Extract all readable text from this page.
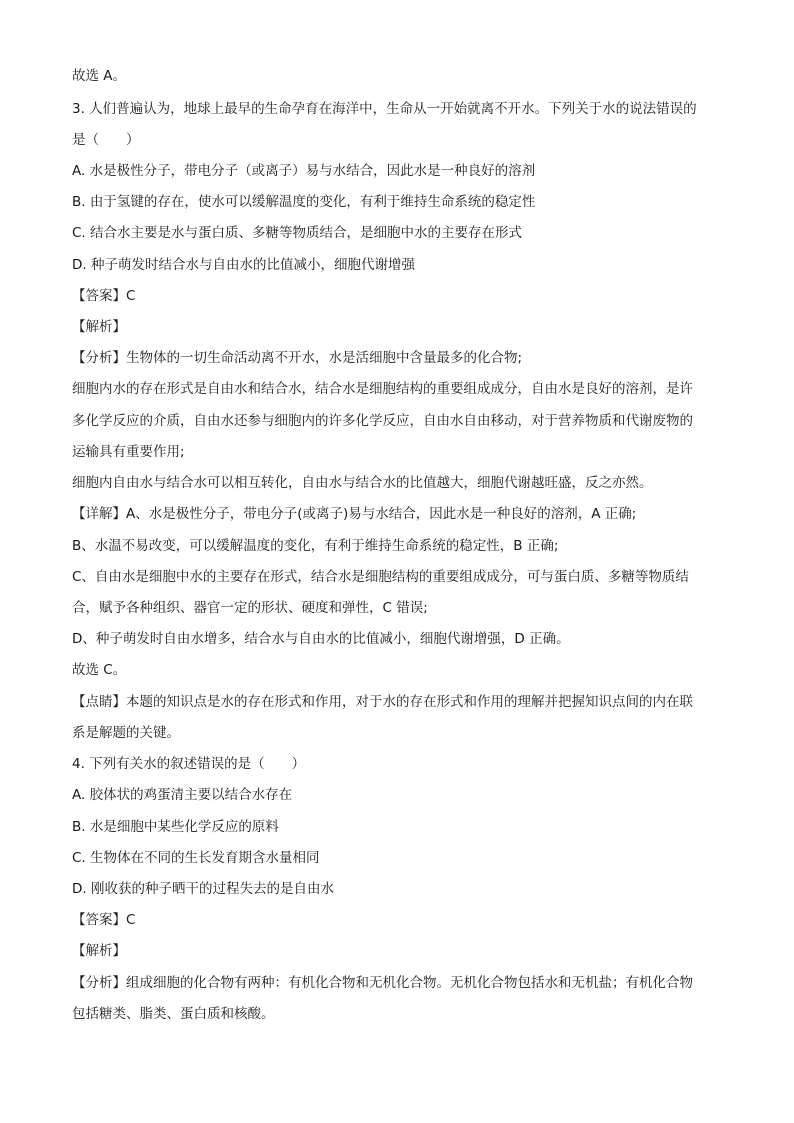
故选 A。
3. 人们普遍认为，地球上最早的生命孕育在海洋中，生命从一开始就离不开水。下列关于水的说法错误的
是（　　）
A. 水是极性分子，带电分子（或离子）易与水结合，因此水是一种良好的溶剂
B. 由于氢键的存在，使水可以缓解温度的变化，有利于维持生命系统的稳定性
C. 结合水主要是水与蛋白质、多糖等物质结合，是细胞中水的主要存在形式
D. 种子萌发时结合水与自由水的比值减小，细胞代谢增强
【答案】C
【解析】
【分析】生物体的一切生命活动离不开水，水是活细胞中含量最多的化合物;
细胞内水的存在形式是自由水和结合水，结合水是细胞结构的重要组成成分，自由水是良好的溶剂，是许
多化学反应的介质，自由水还参与细胞内的许多化学反应，自由水自由移动，对于营养物质和代谢废物的
运输具有重要作用;
细胞内自由水与结合水可以相互转化，自由水与结合水的比值越大，细胞代谢越旺盛，反之亦然。
【详解】A、水是极性分子，带电分子(或离子)易与水结合，因此水是一种良好的溶剂，A 正确;
B、水温不易改变，可以缓解温度的变化，有利于维持生命系统的稳定性，B 正确;
C、自由水是细胞中水的主要存在形式，结合水是细胞结构的重要组成成分，可与蛋白质、多糖等物质结
合，赋予各种组织、器官一定的形状、硬度和弹性，C 错误;
D、种子萌发时自由水增多，结合水与自由水的比值减小，细胞代谢增强，D 正确。
故选 C。
【点睛】本题的知识点是水的存在形式和作用，对于水的存在形式和作用的理解并把握知识点间的内在联
系是解题的关键。
4. 下列有关水的叙述错误的是（　　）
A. 胶体状的鸡蛋清主要以结合水存在
B. 水是细胞中某些化学反应的原料
C. 生物体在不同的生长发育期含水量相同
D. 刚收获的种子晒干的过程失去的是自由水
【答案】C
【解析】
【分析】组成细胞的化合物有两种：有机化合物和无机化合物。无机化合物包括水和无机盐；有机化合物
包括糖类、脂类、蛋白质和核酸。
